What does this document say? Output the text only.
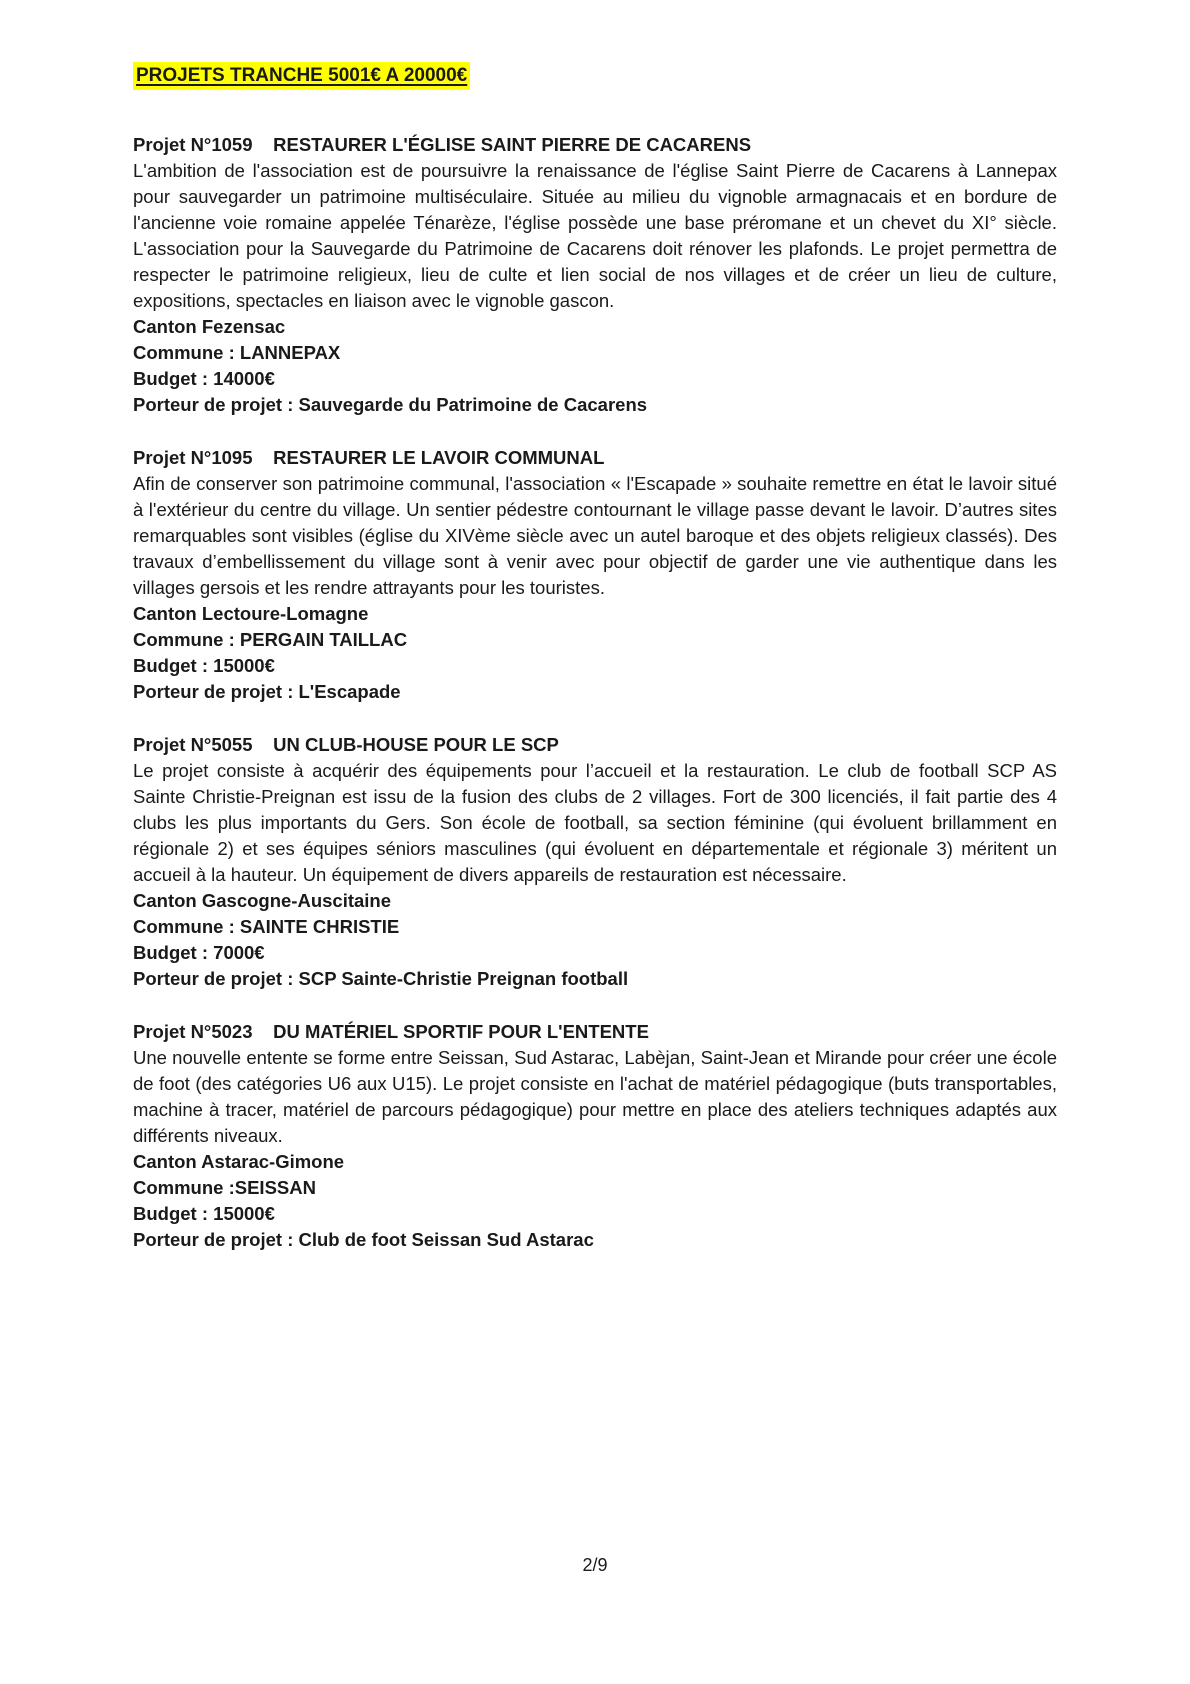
PROJETS TRANCHE 5001€ A 20000€
Projet N°1059 RESTAURER L'ÉGLISE SAINT PIERRE DE CACARENS

L'ambition de l'association est de poursuivre la renaissance de l'église Saint Pierre de Cacarens à Lannepax pour sauvegarder un patrimoine multiséculaire. Située au milieu du vignoble armagnacais et en bordure de l'ancienne voie romaine appelée Ténarèze, l'église possède une base préromane et un chevet du XI° siècle. L'association pour la Sauvegarde du Patrimoine de Cacarens doit rénover les plafonds. Le projet permettra de respecter le patrimoine religieux, lieu de culte et lien social de nos villages et de créer un lieu de culture, expositions, spectacles en liaison avec le vignoble gascon.

Canton Fezensac
Commune : LANNEPAX
Budget : 14000€
Porteur de projet : Sauvegarde du Patrimoine de Cacarens
Projet N°1095 RESTAURER LE LAVOIR COMMUNAL

Afin de conserver son patrimoine communal, l'association « l'Escapade » souhaite remettre en état le lavoir situé à l'extérieur du centre du village. Un sentier pédestre contournant le village passe devant le lavoir. D’autres sites remarquables sont visibles (église du XIVème siècle avec un autel baroque et des objets religieux classés). Des travaux d’embellissement du village sont à venir avec pour objectif de garder une vie authentique dans les villages gersois et les rendre attrayants pour les touristes.

Canton Lectoure-Lomagne
Commune : PERGAIN TAILLAC
Budget : 15000€
Porteur de projet : L'Escapade
Projet N°5055 UN CLUB-HOUSE POUR LE SCP

Le projet consiste à acquérir des équipements pour l’accueil et la restauration. Le club de football SCP AS Sainte Christie-Preignan est issu de la fusion des clubs de 2 villages. Fort de 300 licenciés, il fait partie des 4 clubs les plus importants du Gers. Son école de football, sa section féminine (qui évoluent brillamment en régionale 2) et ses équipes séniors masculines (qui évoluent en départementale et régionale 3) méritent un accueil à la hauteur. Un équipement de divers appareils de restauration est nécessaire.

Canton Gascogne-Auscitaine
Commune : SAINTE CHRISTIE
Budget : 7000€
Porteur de projet : SCP Sainte-Christie Preignan football
Projet N°5023 DU MATÉRIEL SPORTIF POUR L'ENTENTE

Une nouvelle entente se forme entre Seissan, Sud Astarac, Labèjan, Saint-Jean et Mirande pour créer une école de foot (des catégories U6 aux U15). Le projet consiste en l'achat de matériel pédagogique (buts transportables, machine à tracer, matériel de parcours pédagogique) pour mettre en place des ateliers techniques adaptés aux différents niveaux.

Canton Astarac-Gimone
Commune :SEISSAN
Budget : 15000€
Porteur de projet : Club de foot Seissan Sud Astarac
2/9
